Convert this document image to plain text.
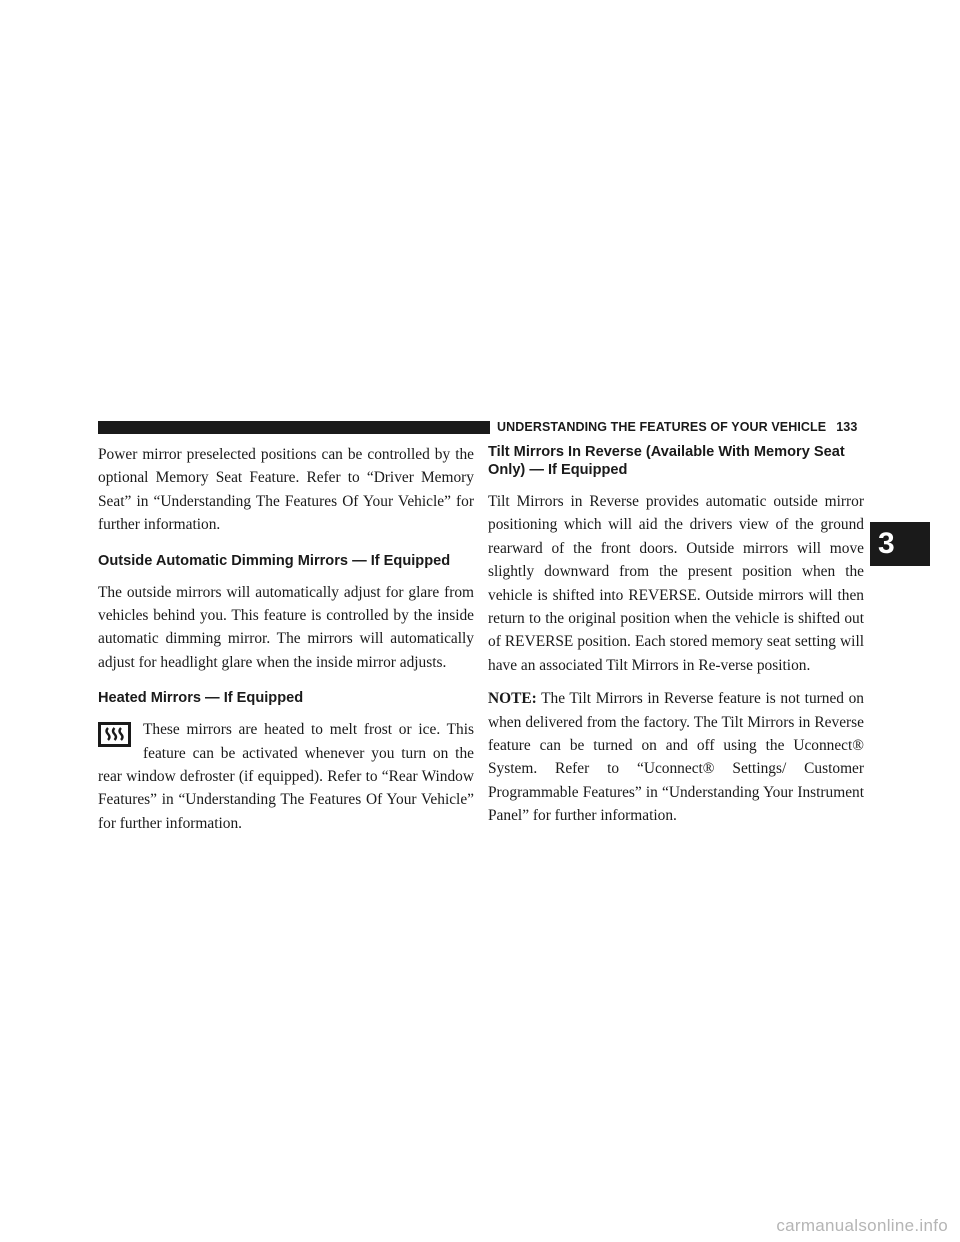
UNDERSTANDING THE FEATURES OF YOUR VEHICLE 133

Power mirror preselected positions can be controlled by the optional Memory Seat Feature. Refer to “Driver Memory Seat” in “Understanding The Features Of Your Vehicle” for further information.

Outside Automatic Dimming Mirrors — If Equipped

The outside mirrors will automatically adjust for glare from vehicles behind you. This feature is controlled by the inside automatic dimming mirror. The mirrors will automatically adjust for headlight glare when the inside mirror adjusts.

Heated Mirrors — If Equipped

These mirrors are heated to melt frost or ice. This feature can be activated whenever you turn on the rear window defroster (if equipped). Refer to “Rear Window Features” in “Understanding The Features Of Your Vehicle” for further information.

Tilt Mirrors In Reverse (Available With Memory Seat Only) — If Equipped

Tilt Mirrors in Reverse provides automatic outside mirror positioning which will aid the drivers view of the ground rearward of the front doors. Outside mirrors will move slightly downward from the present position when the vehicle is shifted into REVERSE. Outside mirrors will then return to the original position when the vehicle is shifted out of REVERSE position. Each stored memory seat setting will have an associated Tilt Mirrors in Re-verse position.

NOTE: The Tilt Mirrors in Reverse feature is not turned on when delivered from the factory. The Tilt Mirrors in Reverse feature can be turned on and off using the Uconnect® System. Refer to “Uconnect® Settings/ Customer Programmable Features” in “Understanding Your Instrument Panel” for further information.

3
carmanualsonline.info
